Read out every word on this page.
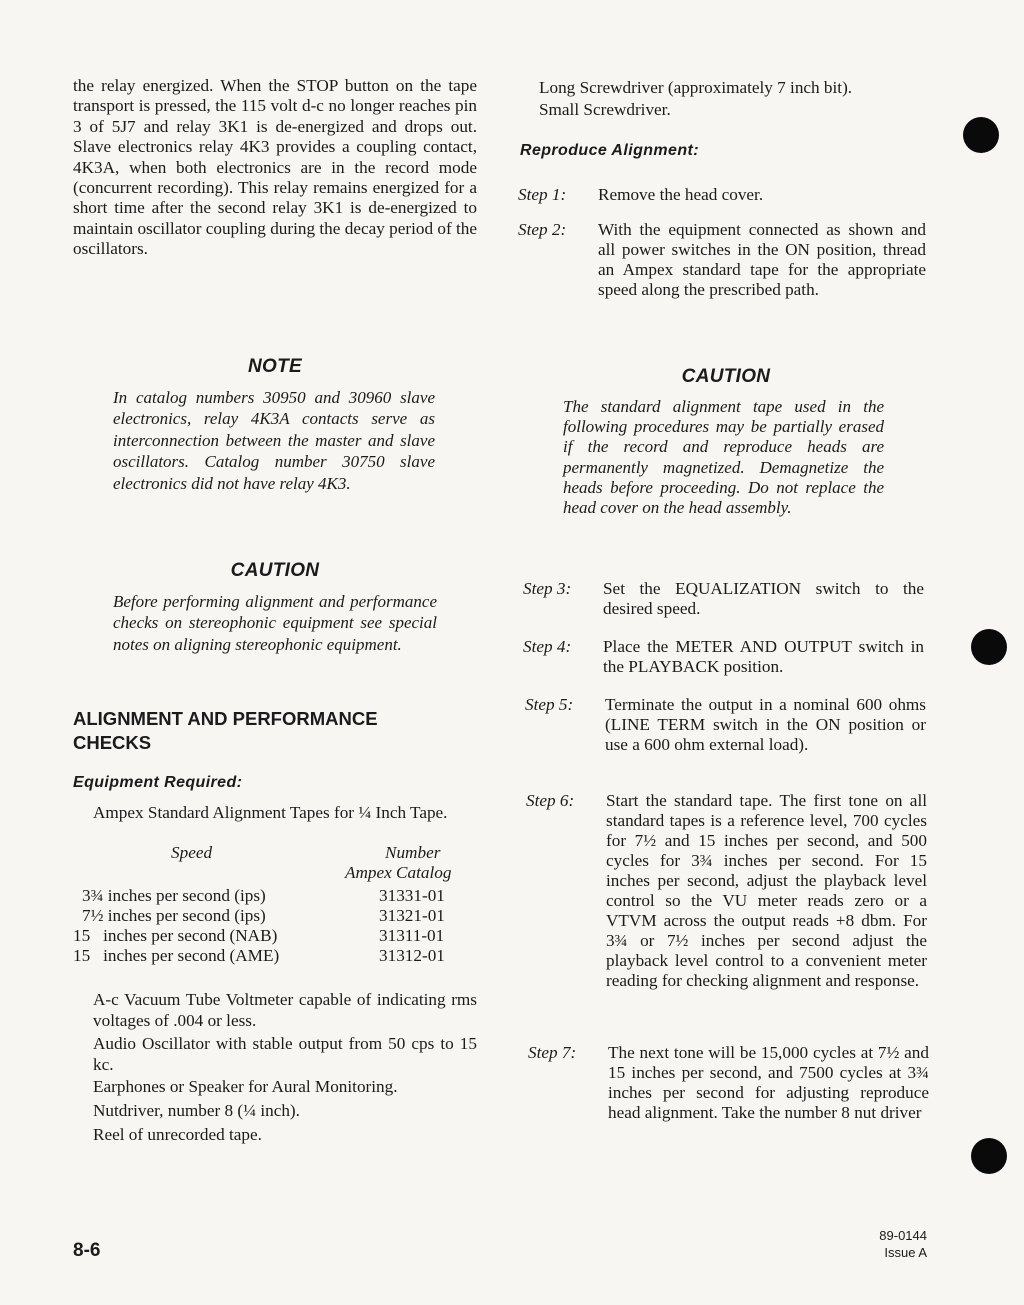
the relay energized. When the STOP button on the tape transport is pressed, the 115 volt d-c no longer reaches pin 3 of 5J7 and relay 3K1 is de-energized and drops out. Slave electronics relay 4K3 provides a coupling contact, 4K3A, when both electronics are in the record mode (concurrent recording). This relay remains energized for a short time after the second relay 3K1 is de-energized to maintain oscillator coupling during the decay period of the oscillators.

NOTE

In catalog numbers 30950 and 30960 slave electronics, relay 4K3A contacts serve as interconnection between the master and slave oscillators. Catalog number 30750 slave electronics did not have relay 4K3.

CAUTION

Before performing alignment and performance checks on stereophonic equipment see special notes on aligning stereophonic equipment.

ALIGNMENT AND PERFORMANCE

CHECKS

Equipment Required:

Ampex Standard Alignment Tapes for ¼ Inch Tape.

Speed	Number
Ampex Catalog
3¾ inches per second (ips)	31331-01
7½ inches per second (ips)	31321-01
15   inches per second (NAB)	31311-01
15   inches per second (AME)	31312-01

A-c Vacuum Tube Voltmeter capable of indicating rms voltages of .004 or less.

Audio Oscillator with stable output from 50 cps to 15 kc.

Earphones or Speaker for Aural Monitoring.

Nutdriver, number 8 (¼ inch).

Reel of unrecorded tape.

Long Screwdriver (approximately 7 inch bit).

Small Screwdriver.

Reproduce Alignment:

Step 1: Remove the head cover.

Step 2: With the equipment connected as shown and all power switches in the ON position, thread an Ampex standard tape for the appropriate speed along the prescribed path.

CAUTION

The standard alignment tape used in the following procedures may be partially erased if the record and reproduce heads are permanently magnetized. Demagnetize the heads before proceeding. Do not replace the head cover on the head assembly.

Step 3: Set the EQUALIZATION switch to the desired speed.

Step 4: Place the METER AND OUTPUT switch in the PLAYBACK position.

Step 5: Terminate the output in a nominal 600 ohms (LINE TERM switch in the ON position or use a 600 ohm external load).

Step 6: Start the standard tape. The first tone on all standard tapes is a reference level, 700 cycles for 7½ and 15 inches per second, and 500 cycles for 3¾ inches per second. For 15 inches per second, adjust the playback level control so the VU meter reads zero or a VTVM across the output reads +8 dbm. For 3¾ or 7½ inches per second adjust the playback level control to a convenient meter reading for checking alignment and response.

Step 7: The next tone will be 15,000 cycles at 7½ and 15 inches per second, and 7500 cycles at 3¾ inches per second for adjusting reproduce head alignment. Take the number 8 nut driver

8-6
89-0144
Issue A
